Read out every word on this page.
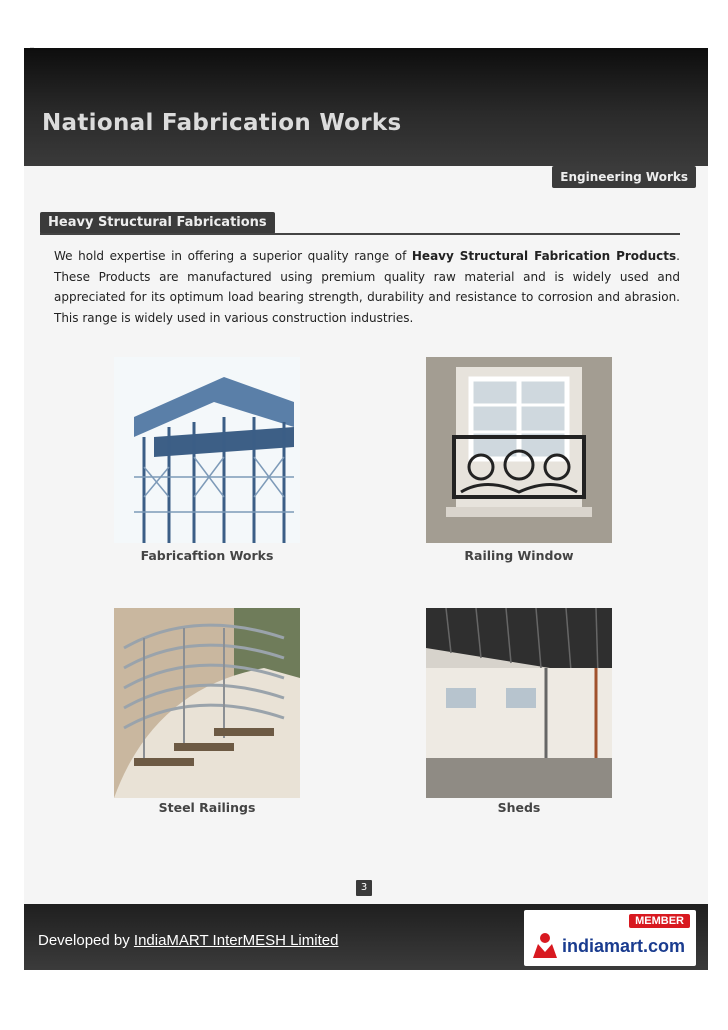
National Fabrication Works
Engineering Works
Heavy Structural Fabrications
We hold expertise in offering a superior quality range of Heavy Structural Fabrication Products. These Products are manufactured using premium quality raw material and is widely used and appreciated for its optimum load bearing strength, durability and resistance to corrosion and abrasion. This range is widely used in various construction industries.
Fabricaftion Works	Railing Window
Steel Railings	Sheds
3
Developed by IndiaMART InterMESH Limited
MEMBER
indiamart.com
